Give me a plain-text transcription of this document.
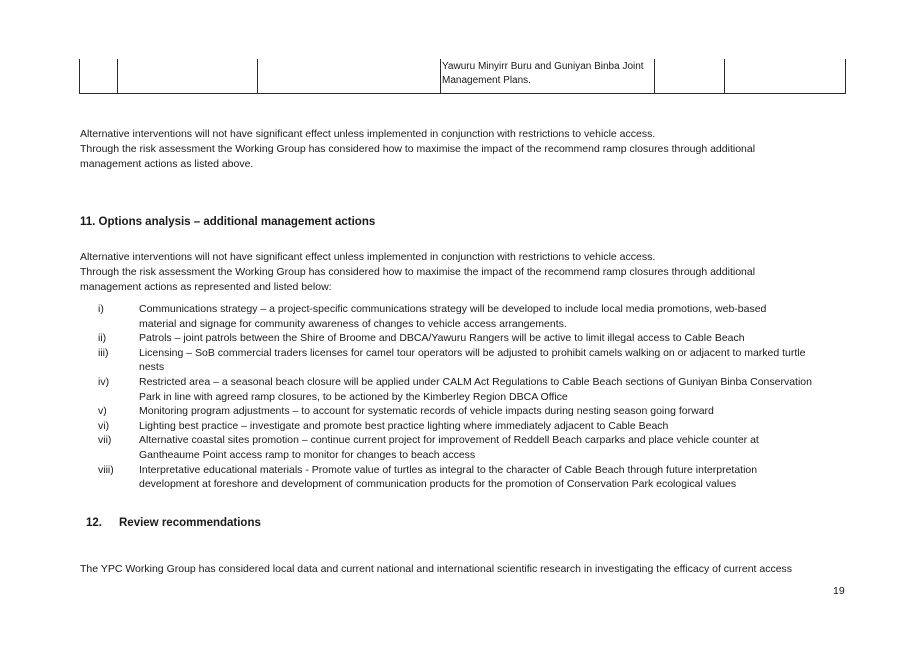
Yawuru Minyirr Buru and Guniyan Binba Joint
Management Plans.

Alternative interventions will not have significant effect unless implemented in conjunction with restrictions to vehicle access.
Through the risk assessment the Working Group has considered how to maximise the impact of the recommend ramp closures through additional
management actions as listed above.
11. Options analysis – additional management actions
Alternative interventions will not have significant effect unless implemented in conjunction with restrictions to vehicle access.
Through the risk assessment the Working Group has considered how to maximise the impact of the recommend ramp closures through additional
management actions as represented and listed below:
i)	Communications strategy – a project-specific communications strategy will be developed to include local media promotions, web-based
material and signage for community awareness of changes to vehicle access arrangements.
ii)	Patrols – joint patrols between the Shire of Broome and DBCA/Yawuru Rangers will be active to limit illegal access to Cable Beach
iii)	Licensing – SoB commercial traders licenses for camel tour operators will be adjusted to prohibit camels walking on or adjacent to marked turtle
nests
iv)	Restricted area – a seasonal beach closure will be applied under CALM Act Regulations to Cable Beach sections of Guniyan Binba Conservation
Park in line with agreed ramp closures, to be actioned by the Kimberley Region DBCA Office
v)	Monitoring program adjustments – to account for systematic records of vehicle impacts during nesting season going forward
vi)	Lighting best practice – investigate and promote best practice lighting where immediately adjacent to Cable Beach
vii)	Alternative coastal sites promotion – continue current project for improvement of Reddell Beach carparks and place vehicle counter at
Gantheaume Point access ramp to monitor for changes to beach access
viii) Interpretative educational materials - Promote value of turtles as integral to the character of Cable Beach through future interpretation
development at foreshore and development of communication products for the promotion of Conservation Park ecological values
12. Review recommendations
The YPC Working Group has considered local data and current national and international scientific research in investigating the efficacy of current access
19
